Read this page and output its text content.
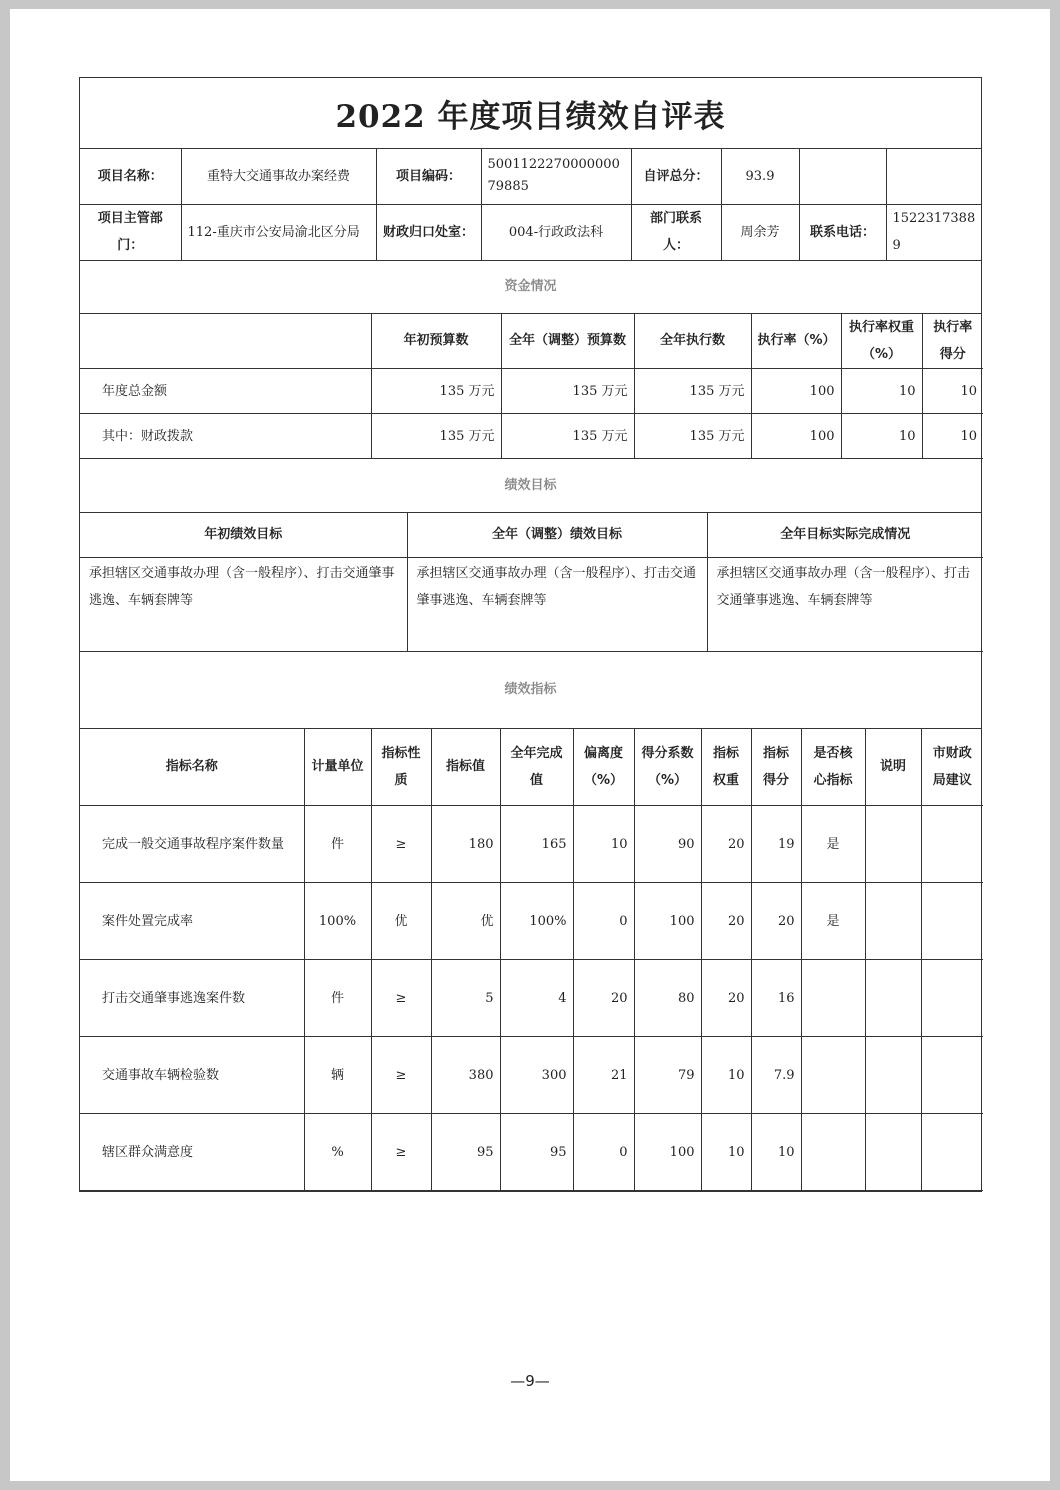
2022 年度项目绩效自评表
项目名称：	重特大交通事故办案经费	项目编码：	500112227000000079885	自评总分：	93.9		
项目主管部门：	112-重庆市公安局渝北区分局	财政归口处室：	004-行政政法科	部门联系人：	周余芳	联系电话：	15223173889
资金情况
	年初预算数	全年（调整）预算数	全年执行数	执行率（%）	执行率权重（%）	执行率得分
年度总金额	135 万元	135 万元	135 万元	100	10	10
其中：财政拨款	135 万元	135 万元	135 万元	100	10	10
绩效目标
年初绩效目标	全年（调整）绩效目标	全年目标实际完成情况
承担辖区交通事故办理（含一般程序）、打击交通肇事逃逸、车辆套牌等	承担辖区交通事故办理（含一般程序）、打击交通肇事逃逸、车辆套牌等	承担辖区交通事故办理（含一般程序）、打击交通肇事逃逸、车辆套牌等
绩效指标
指标名称	计量单位	指标性质	指标值	全年完成值	偏离度（%）	得分系数（%）	指标权重	指标得分	是否核心指标	说明	市财政局建议
完成一般交通事故程序案件数量	件	≥	180	165	10	90	20	19	是		
案件处置完成率	100%	优	优	100%	0	100	20	20	是		
打击交通肇事逃逸案件数	件	≥	5	4	20	80	20	16			
交通事故车辆检验数	辆	≥	380	300	21	79	10	7.9			
辖区群众满意度	%	≥	95	95	0	100	10	10			
—9—
